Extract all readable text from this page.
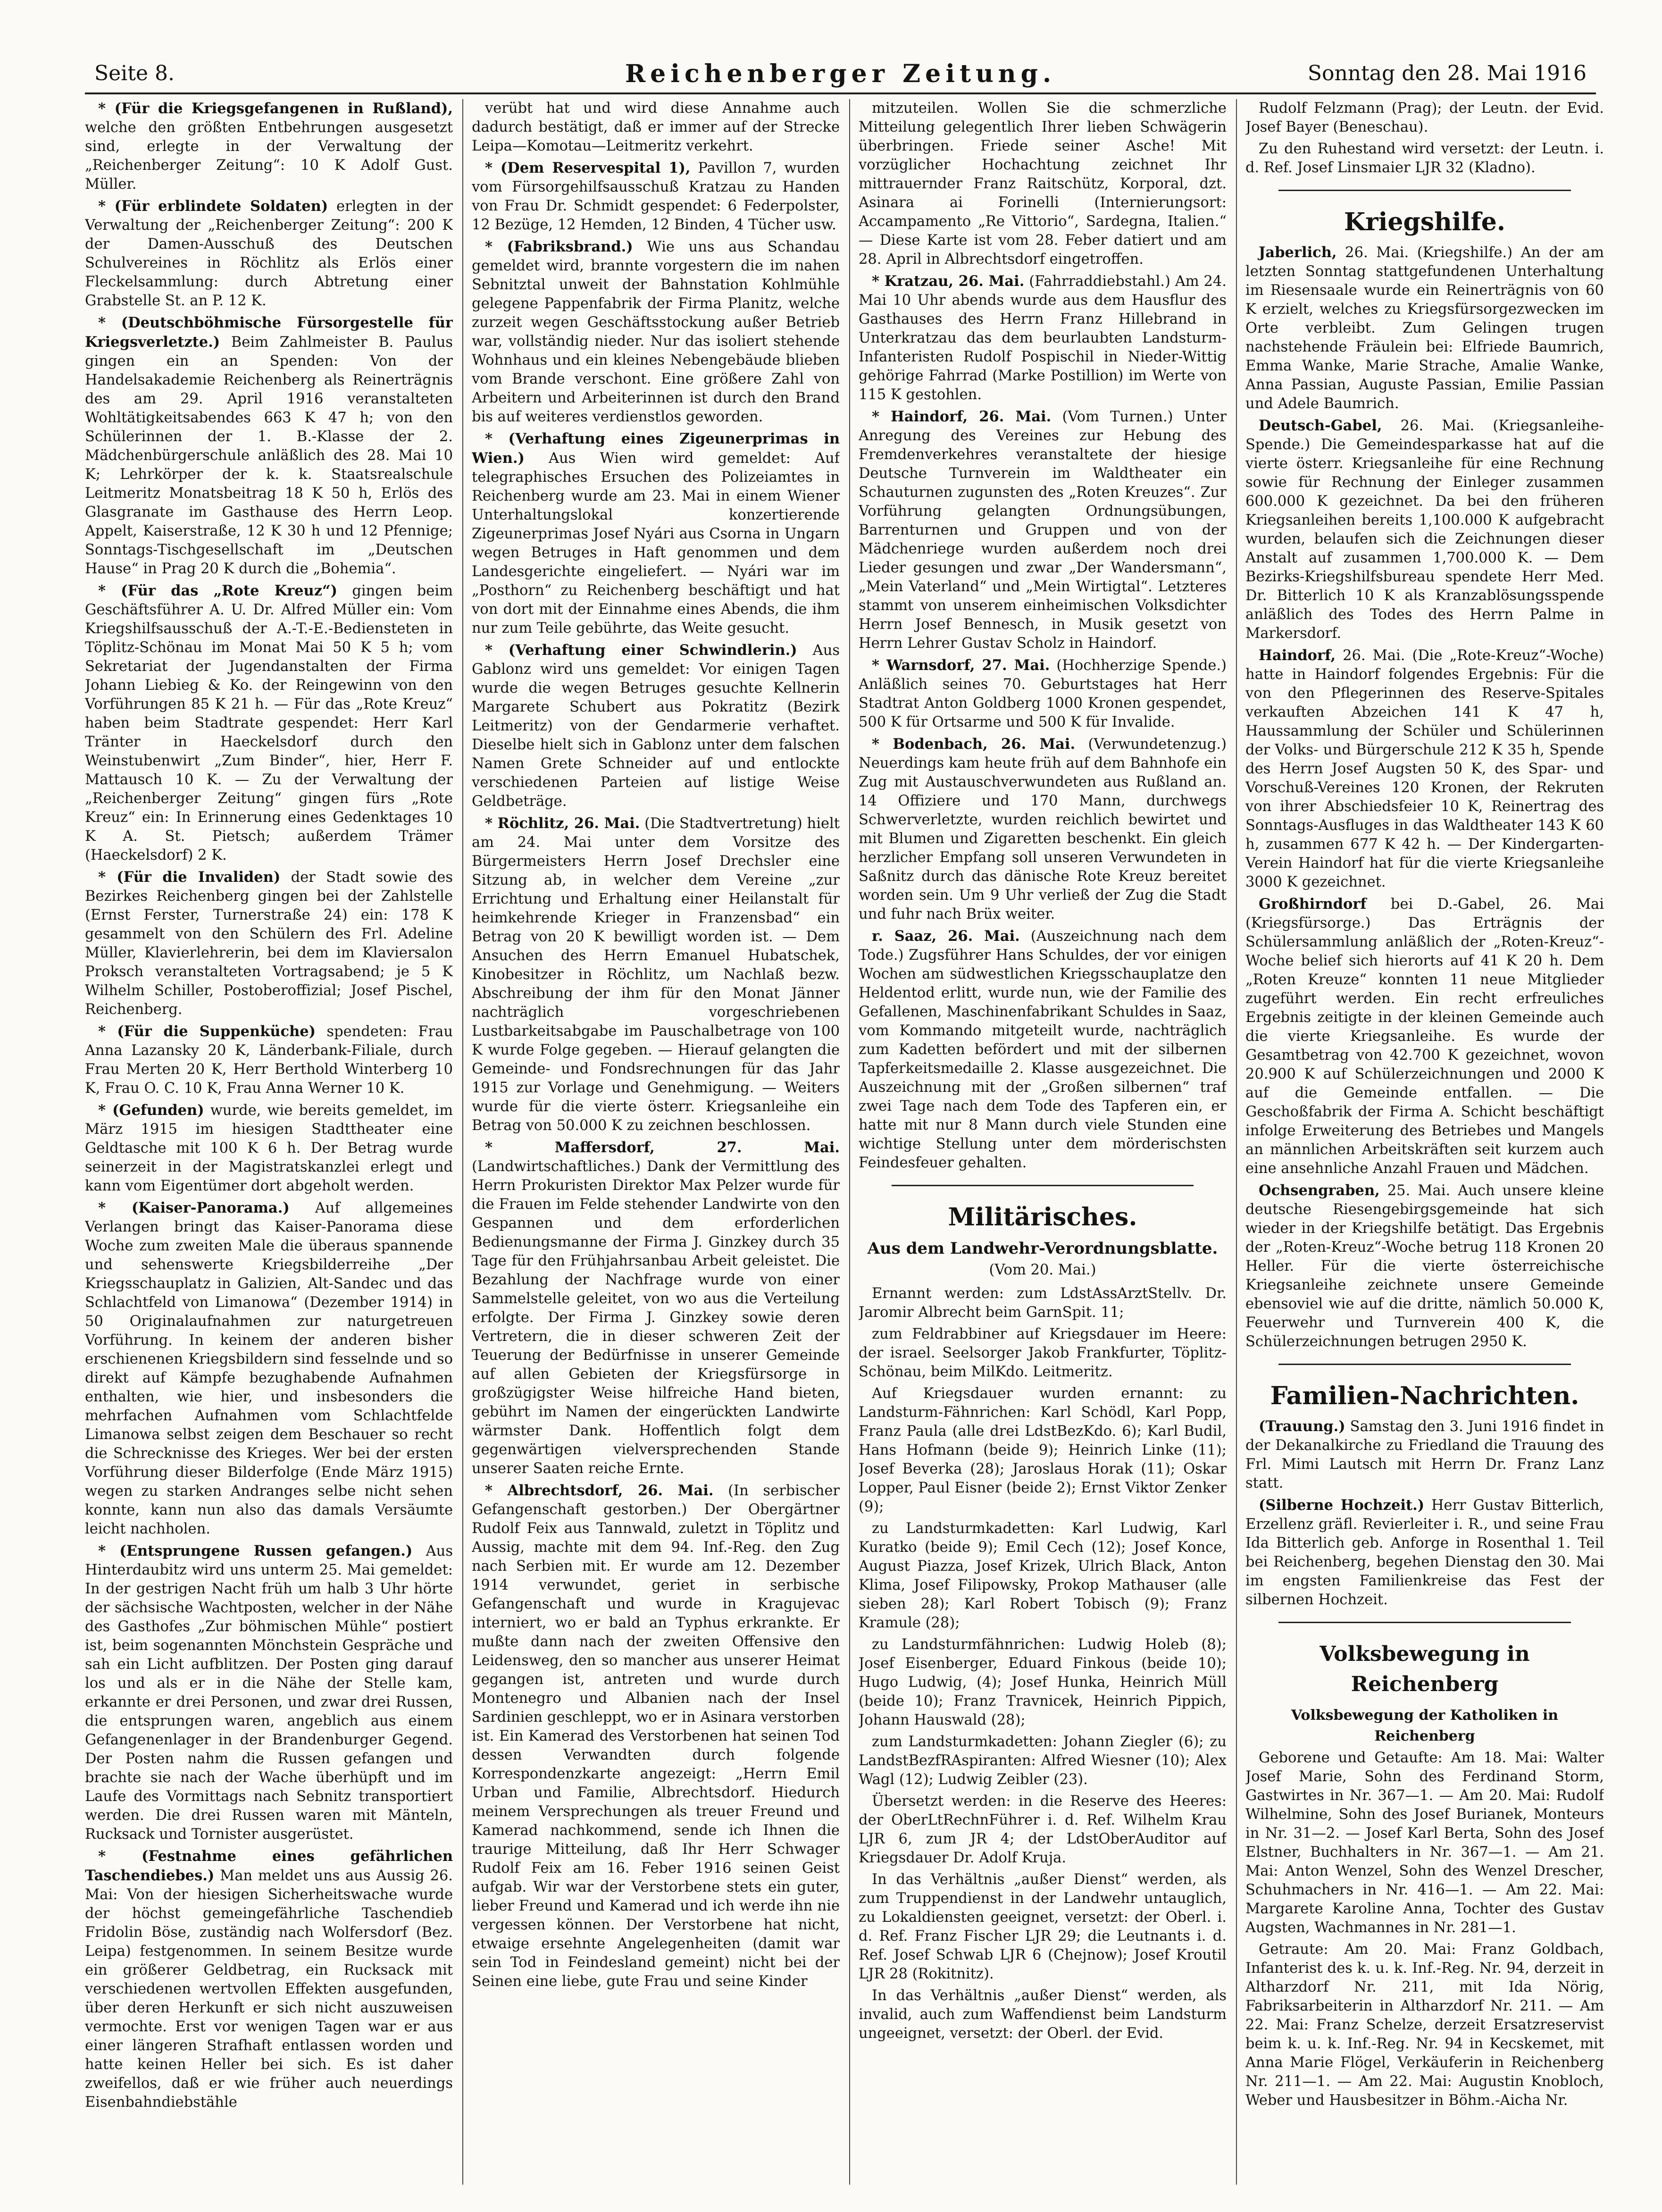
Seite 8.	Reichenberger Zeitung.	Sonntag den 28. Mai 1916

* (Für die Kriegsgefangenen in Rußland), welche den größten Entbehrungen ausgesetzt sind, erlegte in der Verwaltung der „Reichenberger Zeitung“: 10 K Adolf Gust. Müller.

* (Für erblindete Soldaten) erlegten in der Verwaltung der „Reichenberger Zeitung“: 200 K der Damen-Ausschuß des Deutschen Schulvereines in Röchlitz als Erlös einer Fleckelsammlung: durch Abtretung einer Grabstelle St. an P. 12 K.

* (Deutschböhmische Fürsorgestelle für Kriegsverletzte.) Beim Zahlmeister B. Paulus gingen ein an Spenden: Von der Handelsakademie Reichenberg als Reinerträgnis des am 29. April 1916 veranstalteten Wohltätigkeitsabendes 663 K 47 h; von den Schülerinnen der 1. B.-Klasse der 2. Mädchenbürgerschule anläßlich des 28. Mai 10 K; Lehrkörper der k. k. Staatsrealschule Leitmeritz Monatsbeitrag 18 K 50 h, Erlös des Glasgranate im Gasthause des Herrn Leop. Appelt, Kaiserstraße, 12 K 30 h und 12 Pfennige; Sonntags-Tischgesellschaft im „Deutschen Hause“ in Prag 20 K durch die „Bohemia“.

* (Für das „Rote Kreuz“) gingen beim Geschäftsführer A. U. Dr. Alfred Müller ein: Vom Kriegshilfsausschuß der A.-T.-E.-Bediensteten in Töplitz-Schönau im Monat Mai 50 K 5 h; vom Sekretariat der Jugendanstalten der Firma Johann Liebieg & Ko. der Reingewinn von den Vorführungen 85 K 21 h. — Für das „Rote Kreuz“ haben beim Stadtrate gespendet: Herr Karl Tränter in Haeckelsdorf durch den Weinstubenwirt „Zum Binder“, hier, Herr F. Mattausch 10 K. — Zu der Verwaltung der „Reichenberger Zeitung“ gingen fürs „Rote Kreuz“ ein: In Erinnerung eines Gedenktages 10 K A. St. Pietsch; außerdem Trämer (Haeckelsdorf) 2 K.

* (Für die Invaliden) der Stadt sowie des Bezirkes Reichenberg gingen bei der Zahlstelle (Ernst Ferster, Turnerstraße 24) ein: 178 K gesammelt von den Schülern des Frl. Adeline Müller, Klavierlehrerin, bei dem im Klaviersalon Proksch veranstalteten Vortragsabend; je 5 K Wilhelm Schiller, Postoberoffizial; Josef Pischel, Reichenberg.

* (Für die Suppenküche) spendeten: Frau Anna Lazansky 20 K, Länderbank-Filiale, durch Frau Merten 20 K, Herr Berthold Winterberg 10 K, Frau O. C. 10 K, Frau Anna Werner 10 K.

* (Gefunden) wurde, wie bereits gemeldet, im März 1915 im hiesigen Stadttheater eine Geldtasche mit 100 K 6 h. Der Betrag wurde seinerzeit in der Magistratskanzlei erlegt und kann vom Eigentümer dort abgeholt werden.

* (Kaiser-Panorama.) Auf allgemeines Verlangen bringt das Kaiser-Panorama diese Woche zum zweiten Male die überaus spannende und sehenswerte Kriegsbilderreihe „Der Kriegsschauplatz in Galizien, Alt-Sandec und das Schlachtfeld von Limanowa“ (Dezember 1914) in 50 Originalaufnahmen zur naturgetreuen Vorführung. In keinem der anderen bisher erschienenen Kriegsbildern sind fesselnde und so direkt auf Kämpfe bezughabende Aufnahmen enthalten, wie hier, und insbesonders die mehrfachen Aufnahmen vom Schlachtfelde Limanowa selbst zeigen dem Beschauer so recht die Schrecknisse des Krieges. Wer bei der ersten Vorführung dieser Bilderfolge (Ende März 1915) wegen zu starken Andranges selbe nicht sehen konnte, kann nun also das damals Versäumte leicht nachholen.

* (Entsprungene Russen gefangen.) Aus Hinterdaubitz wird uns unterm 25. Mai gemeldet: In der gestrigen Nacht früh um halb 3 Uhr hörte der sächsische Wachtposten, welcher in der Nähe des Gasthofes „Zur böhmischen Mühle“ postiert ist, beim sogenannten Mönchstein Gespräche und sah ein Licht aufblitzen. Der Posten ging darauf los und als er in die Nähe der Stelle kam, erkannte er drei Personen, und zwar drei Russen, die entsprungen waren, angeblich aus einem Gefangenenlager in der Brandenburger Gegend. Der Posten nahm die Russen gefangen und brachte sie nach der Wache überhüpft und im Laufe des Vormittags nach Sebnitz transportiert werden. Die drei Russen waren mit Mänteln, Rucksack und Tornister ausgerüstet.

* (Festnahme eines gefährlichen Taschendiebes.) Man meldet uns aus Aussig 26. Mai: Von der hiesigen Sicherheitswache wurde der höchst gemeingefährliche Taschendieb Fridolin Böse, zuständig nach Wolfersdorf (Bez. Leipa) festgenommen. In seinem Besitze wurde ein größerer Geldbetrag, ein Rucksack mit verschiedenen wertvollen Effekten ausgefunden, über deren Herkunft er sich nicht auszuweisen vermochte. Erst vor wenigen Tagen war er aus einer längeren Strafhaft entlassen worden und hatte keinen Heller bei sich. Es ist daher zweifellos, daß er wie früher auch neuerdings Eisenbahndiebstähle

verübt hat und wird diese Annahme auch dadurch bestätigt, daß er immer auf der Strecke Leipa—Komotau—Leitmeritz verkehrt.

* (Dem Reservespital 1), Pavillon 7, wurden vom Fürsorgehilfsausschuß Kratzau zu Handen von Frau Dr. Schmidt gespendet: 6 Federpolster, 12 Bezüge, 12 Hemden, 12 Binden, 4 Tücher usw.

* (Fabriksbrand.) Wie uns aus Schandau gemeldet wird, brannte vorgestern die im nahen Sebnitztal unweit der Bahnstation Kohlmühle gelegene Pappenfabrik der Firma Planitz, welche zurzeit wegen Geschäftsstockung außer Betrieb war, vollständig nieder. Nur das isoliert stehende Wohnhaus und ein kleines Nebengebäude blieben vom Brande verschont. Eine größere Zahl von Arbeitern und Arbeiterinnen ist durch den Brand bis auf weiteres verdienstlos geworden.

* (Verhaftung eines Zigeunerprimas in Wien.) Aus Wien wird gemeldet: Auf telegraphisches Ersuchen des Polizeiamtes in Reichenberg wurde am 23. Mai in einem Wiener Unterhaltungslokal konzertierende Zigeunerprimas Josef Nyári aus Csorna in Ungarn wegen Betruges in Haft genommen und dem Landesgerichte eingeliefert. — Nyári war im „Posthorn“ zu Reichenberg beschäftigt und hat von dort mit der Einnahme eines Abends, die ihm nur zum Teile gebührte, das Weite gesucht.

* (Verhaftung einer Schwindlerin.) Aus Gablonz wird uns gemeldet: Vor einigen Tagen wurde die wegen Betruges gesuchte Kellnerin Margarete Schubert aus Pokratitz (Bezirk Leitmeritz) von der Gendarmerie verhaftet. Dieselbe hielt sich in Gablonz unter dem falschen Namen Grete Schneider auf und entlockte verschiedenen Parteien auf listige Weise Geldbeträge.

* Röchlitz, 26. Mai. (Die Stadtvertretung) hielt am 24. Mai unter dem Vorsitze des Bürgermeisters Herrn Josef Drechsler eine Sitzung ab, in welcher dem Vereine „zur Errichtung und Erhaltung einer Heilanstalt für heimkehrende Krieger in Franzensbad“ ein Betrag von 20 K bewilligt worden ist. — Dem Ansuchen des Herrn Emanuel Hubatschek, Kinobesitzer in Röchlitz, um Nachlaß bezw. Abschreibung der ihm für den Monat Jänner nachträglich vorgeschriebenen Lustbarkeitsabgabe im Pauschalbetrage von 100 K wurde Folge gegeben. — Hierauf gelangten die Gemeinde- und Fondsrechnungen für das Jahr 1915 zur Vorlage und Genehmigung. — Weiters wurde für die vierte österr. Kriegsanleihe ein Betrag von 50.000 K zu zeichnen beschlossen.

* Maffersdorf, 27. Mai. (Landwirtschaftliches.) Dank der Vermittlung des Herrn Prokuristen Direktor Max Pelzer wurde für die Frauen im Felde stehender Landwirte von den Gespannen und dem erforderlichen Bedienungsmanne der Firma J. Ginzkey durch 35 Tage für den Frühjahrsanbau Arbeit geleistet. Die Bezahlung der Nachfrage wurde von einer Sammelstelle geleitet, von wo aus die Verteilung erfolgte. Der Firma J. Ginzkey sowie deren Vertretern, die in dieser schweren Zeit der Teuerung der Bedürfnisse in unserer Gemeinde auf allen Gebieten der Kriegsfürsorge in großzügigster Weise hilfreiche Hand bieten, gebührt im Namen der eingerückten Landwirte wärmster Dank. Hoffentlich folgt dem gegenwärtigen vielversprechenden Stande unserer Saaten reiche Ernte.

* Albrechtsdorf, 26. Mai. (In serbischer Gefangenschaft gestorben.) Der Obergärtner Rudolf Feix aus Tannwald, zuletzt in Töplitz und Aussig, machte mit dem 94. Inf.-Reg. den Zug nach Serbien mit. Er wurde am 12. Dezember 1914 verwundet, geriet in serbische Gefangenschaft und wurde in Kragujevac interniert, wo er bald an Typhus erkrankte. Er mußte dann nach der zweiten Offensive den Leidensweg, den so mancher aus unserer Heimat gegangen ist, antreten und wurde durch Montenegro und Albanien nach der Insel Sardinien geschleppt, wo er in Asinara verstorben ist. Ein Kamerad des Verstorbenen hat seinen Tod dessen Verwandten durch folgende Korrespondenzkarte angezeigt: „Herrn Emil Urban und Familie, Albrechtsdorf. Hiedurch meinem Versprechungen als treuer Freund und Kamerad nachkommend, sende ich Ihnen die traurige Mitteilung, daß Ihr Herr Schwager Rudolf Feix am 16. Feber 1916 seinen Geist aufgab. Wir war der Verstorbene stets ein guter, lieber Freund und Kamerad und ich werde ihn nie vergessen können. Der Verstorbene hat nicht, etwaige ersehnte Angelegenheiten (damit war sein Tod in Feindesland gemeint) nicht bei der Seinen eine liebe, gute Frau und seine Kinder

mitzuteilen. Wollen Sie die schmerzliche Mitteilung gelegentlich Ihrer lieben Schwägerin überbringen. Friede seiner Asche! Mit vorzüglicher Hochachtung zeichnet Ihr mittrauernder Franz Raitschütz, Korporal, dzt. Asinara ai Forinelli (Internierungsort: Accampamento „Re Vittorio“, Sardegna, Italien.“ — Diese Karte ist vom 28. Feber datiert und am 28. April in Albrechtsdorf eingetroffen.

* Kratzau, 26. Mai. (Fahrraddiebstahl.) Am 24. Mai 10 Uhr abends wurde aus dem Hausflur des Gasthauses des Herrn Franz Hillebrand in Unterkratzau das dem beurlaubten Landsturm-Infanteristen Rudolf Pospischil in Nieder-Wittig gehörige Fahrrad (Marke Postillion) im Werte von 115 K gestohlen.

* Haindorf, 26. Mai. (Vom Turnen.) Unter Anregung des Vereines zur Hebung des Fremdenverkehres veranstaltete der hiesige Deutsche Turnverein im Waldtheater ein Schauturnen zugunsten des „Roten Kreuzes“. Zur Vorführung gelangten Ordnungsübungen, Barrenturnen und Gruppen und von der Mädchenriege wurden außerdem noch drei Lieder gesungen und zwar „Der Wandersmann“, „Mein Vaterland“ und „Mein Wirtigtal“. Letzteres stammt von unserem einheimischen Volksdichter Herrn Josef Bennesch, in Musik gesetzt von Herrn Lehrer Gustav Scholz in Haindorf.

* Warnsdorf, 27. Mai. (Hochherzige Spende.) Anläßlich seines 70. Geburtstages hat Herr Stadtrat Anton Goldberg 1000 Kronen gespendet, 500 K für Ortsarme und 500 K für Invalide.

* Bodenbach, 26. Mai. (Verwundetenzug.) Neuerdings kam heute früh auf dem Bahnhofe ein Zug mit Austauschverwundeten aus Rußland an. 14 Offiziere und 170 Mann, durchwegs Schwerverletzte, wurden reichlich bewirtet und mit Blumen und Zigaretten beschenkt. Ein gleich herzlicher Empfang soll unseren Verwundeten in Saßnitz durch das dänische Rote Kreuz bereitet worden sein. Um 9 Uhr verließ der Zug die Stadt und fuhr nach Brüx weiter.

r. Saaz, 26. Mai. (Auszeichnung nach dem Tode.) Zugsführer Hans Schuldes, der vor einigen Wochen am südwestlichen Kriegsschauplatze den Heldentod erlitt, wurde nun, wie der Familie des Gefallenen, Maschinenfabrikant Schuldes in Saaz, vom Kommando mitgeteilt wurde, nachträglich zum Kadetten befördert und mit der silbernen Tapferkeitsmedaille 2. Klasse ausgezeichnet. Die Auszeichnung mit der „Großen silbernen“ traf zwei Tage nach dem Tode des Tapferen ein, er hatte mit nur 8 Mann durch viele Stunden eine wichtige Stellung unter dem mörderischsten Feindesfeuer gehalten.

Militärisches.
Aus dem Landwehr-Verordnungsblatte.

(Vom 20. Mai.)

Ernannt werden: zum LdstAssArztStellv. Dr. Jaromir Albrecht beim GarnSpit. 11;

zum Feldrabbiner auf Kriegsdauer im Heere: der israel. Seelsorger Jakob Frankfurter, Töplitz-Schönau, beim MilKdo. Leitmeritz.

Auf Kriegsdauer wurden ernannt: zu Landsturm-Fähnrichen: Karl Schödl, Karl Popp, Franz Paula (alle drei LdstBezKdo. 6); Karl Budil, Hans Hofmann (beide 9); Heinrich Linke (11); Josef Beverka (28); Jaroslaus Horak (11); Oskar Lopper, Paul Eisner (beide 2); Ernst Viktor Zenker (9);

zu Landsturmkadetten: Karl Ludwig, Karl Kuratko (beide 9); Emil Cech (12); Josef Konce, August Piazza, Josef Krizek, Ulrich Black, Anton Klima, Josef Filipowsky, Prokop Mathauser (alle sieben 28); Karl Robert Tobisch (9); Franz Kramule (28);

zu Landsturmfähnrichen: Ludwig Holeb (8); Josef Eisenberger, Eduard Finkous (beide 10); Hugo Ludwig, (4); Josef Hunka, Heinrich Müll (beide 10); Franz Travnicek, Heinrich Pippich, Johann Hauswald (28);

zum Landsturmkadetten: Johann Ziegler (6); zu LandstBezfRAspiranten: Alfred Wiesner (10); Alex Wagl (12); Ludwig Zeibler (23).

Übersetzt werden: in die Reserve des Heeres: der OberLtRechnFührer i. d. Ref. Wilhelm Krau LJR 6, zum JR 4; der LdstOberAuditor auf Kriegsdauer Dr. Adolf Kruja.

In das Verhältnis „außer Dienst“ werden, als zum Truppendienst in der Landwehr untauglich, zu Lokaldiensten geeignet, versetzt: der Oberl. i. d. Ref. Franz Fischer LJR 29; die Leutnants i. d. Ref. Josef Schwab LJR 6 (Chejnow); Josef Kroutil LJR 28 (Rokitnitz).

In das Verhältnis „außer Dienst“ werden, als invalid, auch zum Waffendienst beim Landsturm ungeeignet, versetzt: der Oberl. der Evid.

Rudolf Felzmann (Prag); der Leutn. der Evid. Josef Bayer (Beneschau).

Zu den Ruhestand wird versetzt: der Leutn. i. d. Ref. Josef Linsmaier LJR 32 (Kladno).

Kriegshilfe.

Jaberlich, 26. Mai. (Kriegshilfe.) An der am letzten Sonntag stattgefundenen Unterhaltung im Riesensaale wurde ein Reinerträgnis von 60 K erzielt, welches zu Kriegsfürsorgezwecken im Orte verbleibt. Zum Gelingen trugen nachstehende Fräulein bei: Elfriede Baumrich, Emma Wanke, Marie Strache, Amalie Wanke, Anna Passian, Auguste Passian, Emilie Passian und Adele Baumrich.

Deutsch-Gabel, 26. Mai. (Kriegsanleihe-Spende.) Die Gemeindesparkasse hat auf die vierte österr. Kriegsanleihe für eine Rechnung sowie für Rechnung der Einleger zusammen 600.000 K gezeichnet. Da bei den früheren Kriegsanleihen bereits 1,100.000 K aufgebracht wurden, belaufen sich die Zeichnungen dieser Anstalt auf zusammen 1,700.000 K. — Dem Bezirks-Kriegshilfsbureau spendete Herr Med. Dr. Bitterlich 10 K als Kranzablösungsspende anläßlich des Todes des Herrn Palme in Markersdorf.

Haindorf, 26. Mai. (Die „Rote-Kreuz“-Woche) hatte in Haindorf folgendes Ergebnis: Für die von den Pflegerinnen des Reserve-Spitales verkauften Abzeichen 141 K 47 h, Haussammlung der Schüler und Schülerinnen der Volks- und Bürgerschule 212 K 35 h, Spende des Herrn Josef Augsten 50 K, des Spar- und Vorschuß-Vereines 120 Kronen, der Rekruten von ihrer Abschiedsfeier 10 K, Reinertrag des Sonntags-Ausfluges in das Waldtheater 143 K 60 h, zusammen 677 K 42 h. — Der Kindergarten-Verein Haindorf hat für die vierte Kriegsanleihe 3000 K gezeichnet.

Großhirndorf bei D.-Gabel, 26. Mai (Kriegsfürsorge.) Das Erträgnis der Schülersammlung anläßlich der „Roten-Kreuz“-Woche belief sich hierorts auf 41 K 20 h. Dem „Roten Kreuze“ konnten 11 neue Mitglieder zugeführt werden. Ein recht erfreuliches Ergebnis zeitigte in der kleinen Gemeinde auch die vierte Kriegsanleihe. Es wurde der Gesamtbetrag von 42.700 K gezeichnet, wovon 20.900 K auf Schülerzeichnungen und 2000 K auf die Gemeinde entfallen. — Die Geschoßfabrik der Firma A. Schicht beschäftigt infolge Erweiterung des Betriebes und Mangels an männlichen Arbeitskräften seit kurzem auch eine ansehnliche Anzahl Frauen und Mädchen.

Ochsengraben, 25. Mai. Auch unsere kleine deutsche Riesengebirgsgemeinde hat sich wieder in der Kriegshilfe betätigt. Das Ergebnis der „Roten-Kreuz“-Woche betrug 118 Kronen 20 Heller. Für die vierte österreichische Kriegsanleihe zeichnete unsere Gemeinde ebensoviel wie auf die dritte, nämlich 50.000 K, Feuerwehr und Turnverein 400 K, die Schülerzeichnungen betrugen 2950 K.

Familien-Nachrichten.

(Trauung.) Samstag den 3. Juni 1916 findet in der Dekanalkirche zu Friedland die Trauung des Frl. Mimi Lautsch mit Herrn Dr. Franz Lanz statt.

(Silberne Hochzeit.) Herr Gustav Bitterlich, Erzellenz gräfl. Revierleiter i. R., und seine Frau Ida Bitterlich geb. Anforge in Rosenthal 1. Teil bei Reichenberg, begehen Dienstag den 30. Mai im engsten Familienkreise das Fest der silbernen Hochzeit.

Volksbewegung in Reichenberg
Volksbewegung der Katholiken in Reichenberg

Geborene und Getaufte: Am 18. Mai: Walter Josef Marie, Sohn des Ferdinand Storm, Gastwirtes in Nr. 367—1. — Am 20. Mai: Rudolf Wilhelmine, Sohn des Josef Burianek, Monteurs in Nr. 31—2. — Josef Karl Berta, Sohn des Josef Elstner, Buchhalters in Nr. 367—1. — Am 21. Mai: Anton Wenzel, Sohn des Wenzel Drescher, Schuhmachers in Nr. 416—1. — Am 22. Mai: Margarete Karoline Anna, Tochter des Gustav Augsten, Wachmannes in Nr. 281—1.

Getraute: Am 20. Mai: Franz Goldbach, Infanterist des k. u. k. Inf.-Reg. Nr. 94, derzeit in Altharzdorf Nr. 211, mit Ida Nörig, Fabriksarbeiterin in Altharzdorf Nr. 211. — Am 22. Mai: Franz Schelze, derzeit Ersatzreservist beim k. u. k. Inf.-Reg. Nr. 94 in Kecskemet, mit Anna Marie Flögel, Verkäuferin in Reichenberg Nr. 211—1. — Am 22. Mai: Augustin Knobloch, Weber und Hausbesitzer in Böhm.-Aicha Nr.
